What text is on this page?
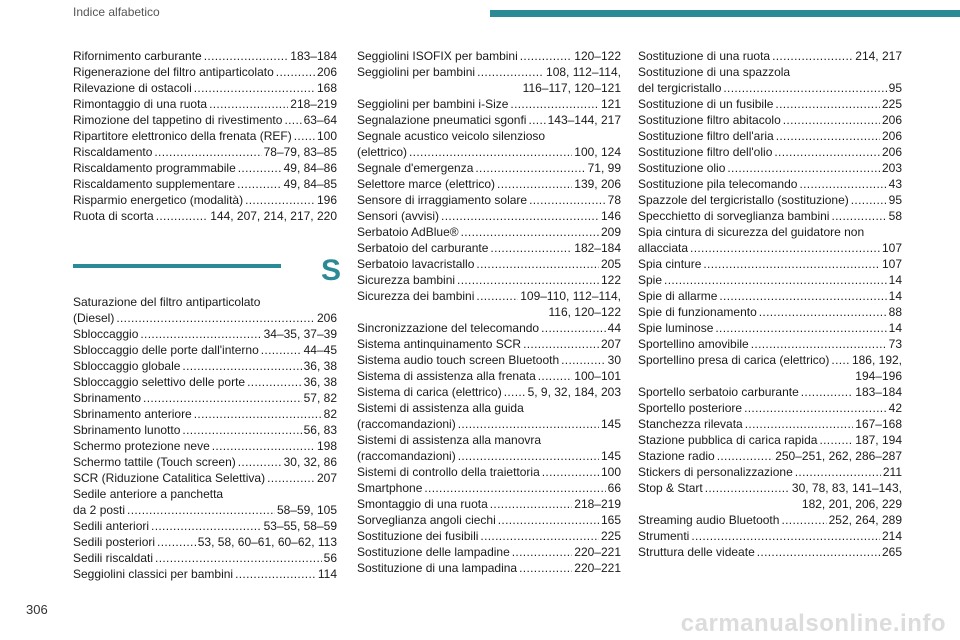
Indice alfabetico
Rifornimento carburante . . .	183–184
Rigenerazione del filtro antiparticolato . . .	206
Rilevazione di ostacoli . . .	168
Rimontaggio di una ruota . . .	218–219
Rimozione del tappetino di rivestimento . . . 63–64
Ripartitore elettronico della frenata (REF) . . . 100
Riscaldamento . . .	78–79, 83–85
Riscaldamento programmabile . . .	49, 84–86
Riscaldamento supplementare . . .	49, 84–85
Risparmio energetico (modalità) . . .	196
Ruota di scorta . . .	144, 207, 214, 217, 220
S
Saturazione del filtro antiparticolato
(Diesel) . . .	206
Sbloccaggio . . .	34–35, 37–39
Sbloccaggio delle porte dall'interno . . .	44–45
Sbloccaggio globale . . .	36, 38
Sbloccaggio selettivo delle porte . . .	36, 38
Sbrinamento . . .	57, 82
Sbrinamento anteriore . . .	82
Sbrinamento lunotto . . .	56, 83
Schermo protezione neve . . .	198
Schermo tattile (Touch screen) . . .	30, 32, 86
SCR (Riduzione Catalitica Selettiva) . . .	207
Sedile anteriore a panchetta
da 2 posti . . .	58–59, 105
Sedili anteriori . . .	53–55, 58–59
Sedili posteriori . . .	53, 58, 60–61, 60–62, 113
Sedili riscaldati . . .	56
Seggiolini classici per bambini . . .	114
Seggiolini ISOFIX per bambini . . .	120–122
Seggiolini per bambini . . .	108, 112–114,
116–117, 120–121
Seggiolini per bambini i-Size . . .	121
Segnalazione pneumatici sgonfi . . . 143–144, 217
Segnale acustico veicolo silenzioso
(elettrico) . . .	100, 124
Segnale d'emergenza . . .	71, 99
Selettore marce (elettrico) . . .	139, 206
Sensore di irraggiamento solare . . .	78
Sensori (avvisi) . . .	146
Serbatoio AdBlue® . . .	209
Serbatoio del carburante . . .	182–184
Serbatoio lavacristallo . . .	205
Sicurezza bambini . . .	122
Sicurezza dei bambini . . .	109–110, 112–114,
116, 120–122
Sincronizzazione del telecomando . . .	44
Sistema antinquinamento SCR . . .	207
Sistema audio touch screen Bluetooth . . .	30
Sistema di assistenza alla frenata . . .	100–101
Sistema di carica (elettrico) . . . 5, 9, 32, 184, 203
Sistemi di assistenza alla guida
(raccomandazioni) . . .	145
Sistemi di assistenza alla manovra
(raccomandazioni) . . .	145
Sistemi di controllo della traiettoria . . .	100
Smartphone . . .	66
Smontaggio di una ruota . . .	218–219
Sorveglianza angoli ciechi . . .	165
Sostituzione dei fusibili . . .	225
Sostituzione delle lampadine . . .	220–221
Sostituzione di una lampadina . . .	220–221
Sostituzione di una ruota . . .	214, 217
Sostituzione di una spazzola
del tergicristallo . . .	95
Sostituzione di un fusibile . . .	225
Sostituzione filtro abitacolo . . .	206
Sostituzione filtro dell'aria . . .	206
Sostituzione filtro dell'olio . . .	206
Sostituzione olio . . .	203
Sostituzione pila telecomando . . .	43
Spazzole del tergicristallo (sostituzione) . . .	95
Specchietto di sorveglianza bambini . . .	58
Spia cintura di sicurezza del guidatore non
allacciata . . .	107
Spia cinture . . .	107
Spie . . .	14
Spie di allarme . . .	14
Spie di funzionamento . . .	88
Spie luminose . . .	14
Sportellino amovibile . . .	73
Sportellino presa di carica (elettrico) . . . 186, 192,
194–196
Sportello serbatoio carburante . . .	183–184
Sportello posteriore . . .	42
Stanchezza rilevata . . .	167–168
Stazione pubblica di carica rapida . . .	187, 194
Stazione radio . . .	250–251, 262, 286–287
Stickers di personalizzazione . . .	211
Stop & Start . . .	30, 78, 83, 141–143,
182, 201, 206, 229
Streaming audio Bluetooth . . .	252, 264, 289
Strumenti . . .	214
Struttura delle videate . . .	265
306
carmanualsonline.info
